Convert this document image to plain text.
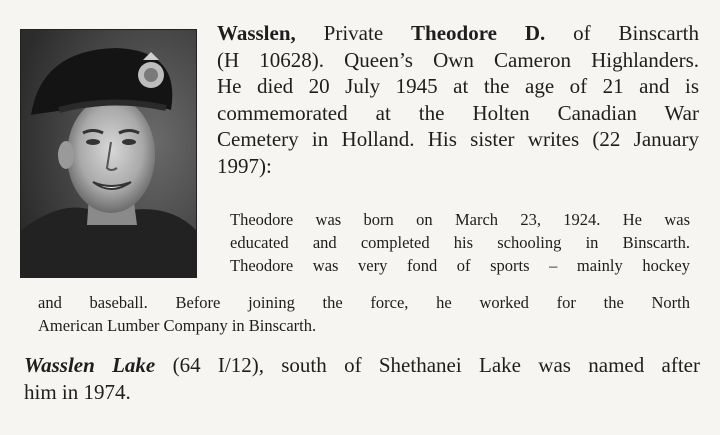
Wasslen, Private Theodore D. of Binscarth
(H 10628). Queen’s Own Cameron Highlanders.
He died 20 July 1945 at the age of 21 and is
commemorated at the Holten Canadian War
Cemetery in Holland. His sister writes (22 January
1997):

Theodore was born on March 23, 1924. He was
educated and completed his schooling in Binscarth.
Theodore was very fond of sports – mainly hockey

and baseball. Before joining the force, he worked for the North
American Lumber Company in Binscarth.

Wasslen Lake (64 I/12), south of Shethanei Lake was named after
him in 1974.
